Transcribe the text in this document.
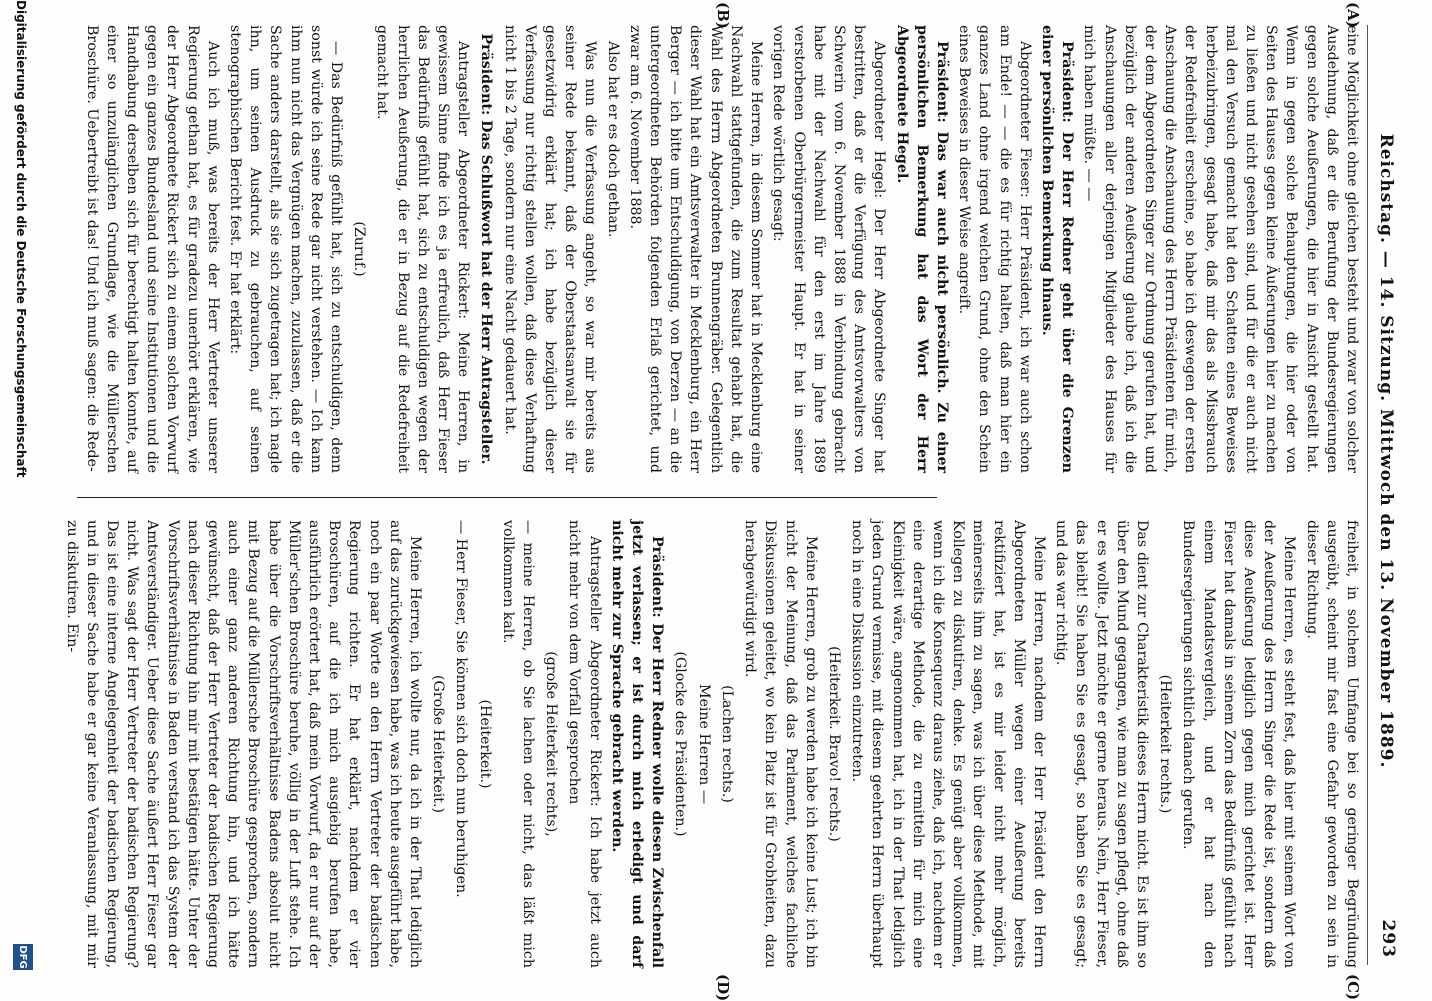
Reichstag. — 14. Sitzung. Mittwoch den 13. November 1889.
293
(A)
(B)
(C)
(D)

eine Möglichkeit ohne gleichen besteht und zwar von solcher Ausdehnung, daß er die Berufung der Bundesregierungen gegen solche Aeußerungen, die hier in Ansicht gestellt hat. Wenn in gegen solche Behauptungen, die hier oder von Seiten des Hauses gegen kleine Äußerungen hier zu machen zu ließen und nicht gesehen sind, und für die er auch nicht mal den Versuch gemacht hat den Schatten eines Beweises herbeizubringen, gesagt habe, daß mir das als Missbrauch der Redefreiheit erscheine, so habe ich deswegen der ersten Anschauung die Anschauung des Herrn Präsidenten für mich, der dem Abgeordneten Singer zur Ordnung gerufen hat, und bezüglich der anderen Aeußerung glaube ich, daß ich die Anschauungen aller derjenigen Mitglieder des Hauses für mich haben müßte. — —

Präsident: Der Herr Redner geht über die Grenzen einer persönlichen Bemerkung hinaus.

Abgeordneter Fieser: Herr Präsident, ich war auch schon am Ende! — — die es für richtig halten, daß man hier ein ganzes Land ohne irgend welchen Grund, ohne den Schein eines Beweises in dieser Weise angreift.

Präsident: Das war auch nicht persönlich. Zu einer persönlichen Bemerkung hat das Wort der Herr Abgeordnete Hegel.

Abgeordneter Hegel: Der Herr Abgeordnete Singer hat bestritten, daß er die Verfügung des Amtsvorwalters von Schwerin vom 6. November 1888 in Verbindung gebracht habe mit der Nachwahl für den erst im Jahre 1889 verstorbenen Oberbürgermeister Haupt. Er hat in seiner vorigen Rede wörtlich gesagt:

Meine Herren, in diesem Sommer hat in Mecklenburg eine Nachwahl stattgefunden, die zum Resultat gehabt hat, die Wahl des Herrn Abgeordneten Brunnengräber. Gelegentlich dieser Wahl hat ein Amtsverwalter in Mecklenburg, ein Herr Berger — ich bitte um Entschuldigung, von Derzen — an die untergeordneten Behörden folgenden Erlaß gerichtet, und zwar am 6. November 1888.

Also hat er es doch gethan.

Was nun die Verfassung angeht, so war mir bereits aus seiner Rede bekannt, daß der Oberstaatsanwalt sie für gesetzwidrig erklärt hat; ich habe bezüglich dieser Verfassung nur richtig stellen wollen, daß diese Verhaftung nicht 1 bis 2 Tage, sondern nur eine Nacht gedauert hat.

Präsident: Das Schlußwort hat der Herr Antragsteller.

Antragsteller Abgeordneter Rickert: Meine Herren, in gewissem Sinne finde ich es ja erfreulich, daß Herr Fieser das Bedürfniß gefühlt hat, sich zu entschuldigen wegen der herrlichen Aeußerung, die er in Bezug auf die Redefreiheit gemacht hat.

(Zuruf.)

— Das Bedürfniß gefühlt hat, sich zu entschuldigen, denn sonst würde ich seine Rede gar nicht verstehen. — Ich kann ihm nun nicht das Vergnügen machen, zuzulassen, daß er die Sache anders darstellt, als sie sich zugetragen hat; ich nagle ihn, um seinen Ausdruck zu gebrauchen, auf seinen stenographischen Bericht fest. Er hat erklärt:

Auch ich muß, was bereits der Herr Vertreter unserer Regierung gethan hat, es für gradezu unerhört erklären, wie der Herr Abgeordnete Rickert sich zu einem solchen Vorwurf gegen ein ganzes Bundesland und seine Institutionen und die Handhabung derselben sich für berechtigt halten konnte, auf einer so unzulänglichen Grundlage, wie die Müllerschen Broschüre. Uebertreibt ist das! Und ich muß sagen: die Rede-

freiheit, in solchem Umfange bei so geringer Begründung ausgeübt, scheint mir fast eine Gefahr geworden zu sein in dieser Richtung.

Meine Herren, es steht fest, daß hier mit seinem Wort von der Aeußerung des Herrn Singer die Rede ist, sondern daß diese Aeußerung lediglich gegen mich gerichtet ist. Herr Fieser hat damals in seinem Zorn das Bedürfniß gefühlt nach einem Mandatsvergleich, und er hat nach den Bundesregierungen sichtlich danach gerufen.

(Heiterkeit rechts.)

Das dient zur Charakteristik dieses Herrn nicht. Es ist ihm so über den Mund gegangen, wie man zu sagen pflegt, ohne daß er es wollte. Jetzt möchte er gerne heraus. Nein, Herr Fieser, das bleibt! Sie haben Sie es gesagt, so haben Sie es gesagt; und das war richtig.

Meine Herren, nachdem der Herr Präsident den Herrn Abgeordneten Müller wegen einer Aeußerung bereits rektifiziert hat, ist es mir leider nicht mehr möglich, meinerseits ihm zu sagen, was ich über diese Methode, mit Kollegen zu diskutiren, denke. Es genügt aber vollkommen, wenn ich die Konsequenz daraus ziehe, daß ich, nachdem er eine derartige Methode, die zu ermitteln für mich eine Kleinigkeit wäre, angenommen hat, ich in der That lediglich jeden Grund vermisse, mit diesem geehrten Herrn überhaupt noch in eine Diskussion einzutreten.

(Heiterkeit. Bravo! rechts.)

Meine Herren, grob zu werden habe ich keine Lust; ich bin nicht der Meinung, daß das Parlament, welches fachliche Diskussionen geleitet, wo kein Platz ist für Grobheiten, dazu herabgewürdigt wird.

(Lachen rechts.)

Meine Herren —

(Glocke des Präsidenten.)

Präsident: Der Herr Redner wolle diesen Zwischenfall jetzt verlassen; er ist durch mich erledigt und darf nicht mehr zur Sprache gebracht werden.

Antragsteller Abgeordneter Rickert: Ich habe jetzt auch nicht mehr von dem Vorfall gesprochen

(große Heiterkeit rechts),

— meine Herren, ob Sie lachen oder nicht, das läßt mich vollkommen kalt.

(Heiterkeit.)

— Herr Fieser, Sie können sich doch nun beruhigen.

(Große Heiterkeit.)

Meine Herren, ich wollte nur, da ich in der That lediglich auf das zurückgewiesen habe, was ich heute ausgeführt habe, noch ein paar Worte an den Herrn Vertreter der badischen Regierung richten. Er hat erklärt, nachdem er vier Broschüren, auf die ich mich ausgiebig berufen habe, ausführlich erörtert hat, daß mein Vorwurf, da er nur auf der Müller'schen Broschüre beruhe, völlig in der Luft stehe. Ich habe über die Vorschriftsverhältnisse Badens absolut nicht mit Bezug auf die Müllersche Broschüre gesprochen, sondern auch einer ganz anderen Richtung hin, und ich hätte gewünscht, daß der Herr Vertreter der badischen Regierung nach dieser Richtung hin mir mit bestätigen hätte. Unter der Vorschriftsverhältnisse in Baden verstand ich das System der Amtsverständiger. Ueber diese Sache äußert Herr Fieser gar nicht. Was sagt der Herr Vertreter der badischen Regierung? Das ist eine interne Angelegenheit der badischen Regierung, und in dieser Sache habe er gar keine Veranlassung, mit mir zu diskutiren. Ein-

Digitalisierung gefördert durch die Deutsche Forschungsgemeinschaft
DFG
